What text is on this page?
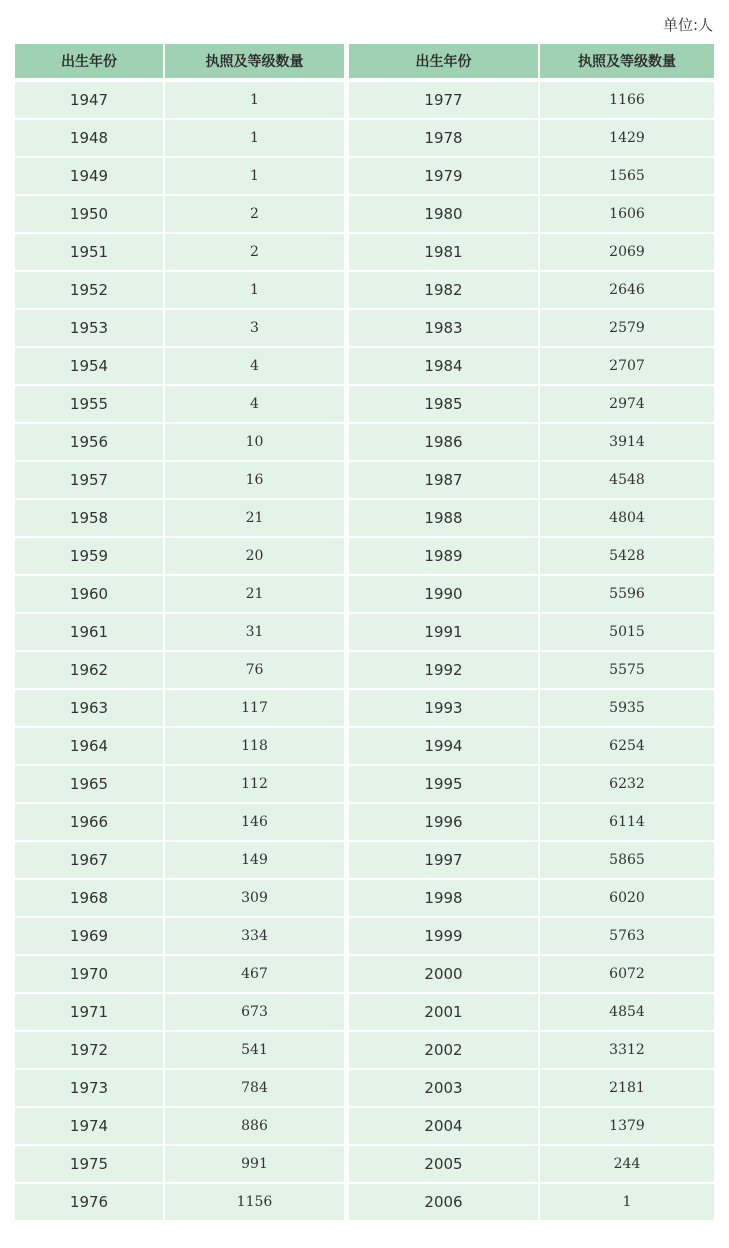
单位:人
出生年份	执照及等级数量
1947	1
1948	1
1949	1
1950	2
1951	2
1952	1
1953	3
1954	4
1955	4
1956	10
1957	16
1958	21
1959	20
1960	21
1961	31
1962	76
1963	117
1964	118
1965	112
1966	146
1967	149
1968	309
1969	334
1970	467
1971	673
1972	541
1973	784
1974	886
1975	991
1976	1156
出生年份	执照及等级数量
1977	1166
1978	1429
1979	1565
1980	1606
1981	2069
1982	2646
1983	2579
1984	2707
1985	2974
1986	3914
1987	4548
1988	4804
1989	5428
1990	5596
1991	5015
1992	5575
1993	5935
1994	6254
1995	6232
1996	6114
1997	5865
1998	6020
1999	5763
2000	6072
2001	4854
2002	3312
2003	2181
2004	1379
2005	244
2006	1
